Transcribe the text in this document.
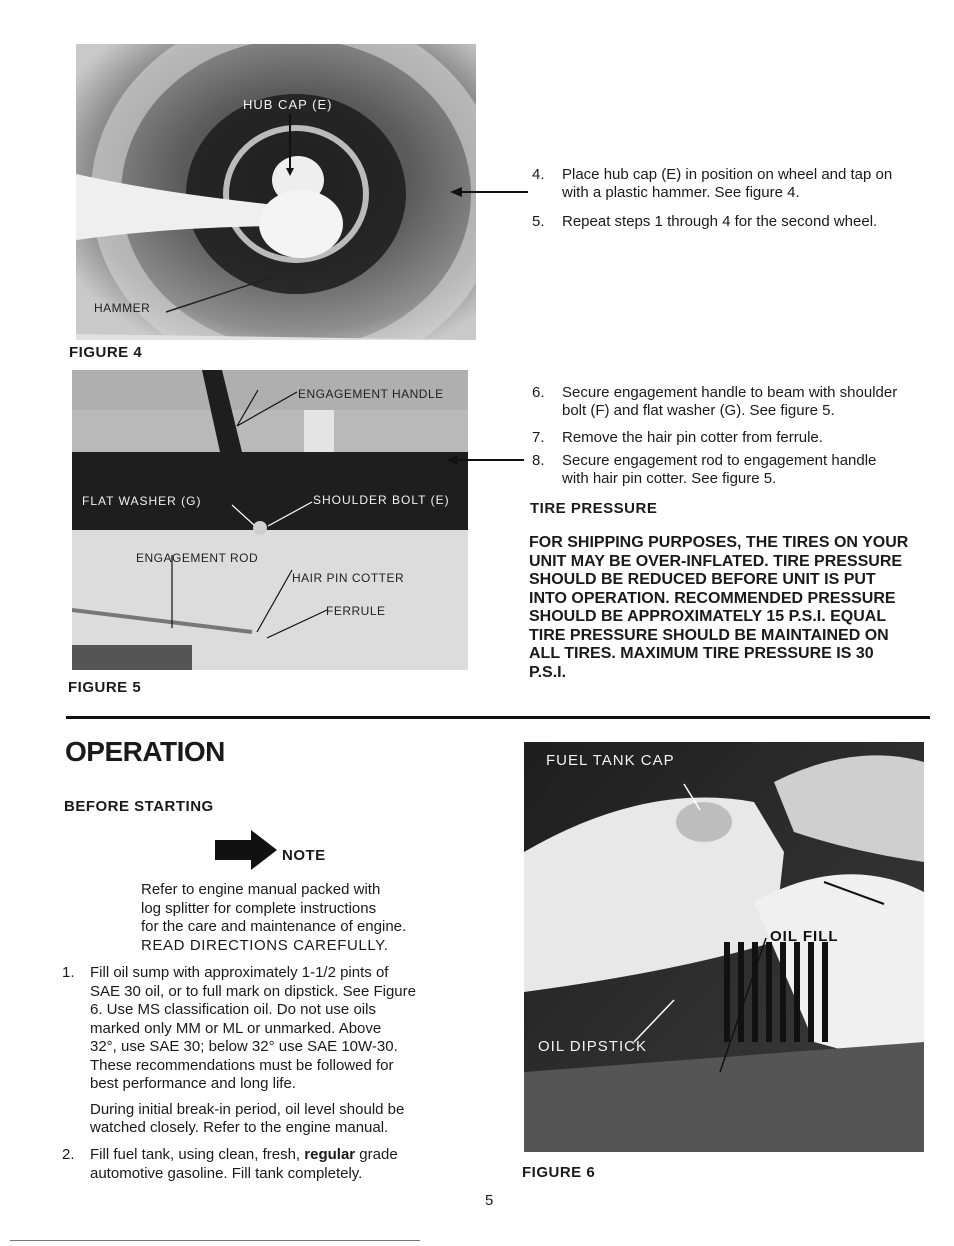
HUB CAP (E)
HAMMER
FIGURE 4
4. Place hub cap (E) in position on wheel and tap on
with a plastic hammer. See figure 4.
5. Repeat steps 1 through 4 for the second wheel.
ENGAGEMENT HANDLE
FLAT WASHER (G)	SHOULDER BOLT (E)
ENGAGEMENT ROD
HAIR PIN COTTER
FERRULE
FIGURE 5
6. Secure engagement handle to beam with shoulder
bolt (F) and flat washer (G). See figure 5.
7. Remove the hair pin cotter from ferrule.
8. Secure engagement rod to engagement handle
with hair pin cotter. See figure 5.
TIRE PRESSURE
FOR SHIPPING PURPOSES, THE TIRES ON YOUR
UNIT MAY BE OVER-INFLATED. TIRE PRESSURE
SHOULD BE REDUCED BEFORE UNIT IS PUT
INTO OPERATION. RECOMMENDED PRESSURE
SHOULD BE APPROXIMATELY 15 P.S.I. EQUAL
TIRE PRESSURE SHOULD BE MAINTAINED ON
ALL TIRES. MAXIMUM TIRE PRESSURE IS 30
P.S.I.
OPERATION
BEFORE STARTING
NOTE
Refer to engine manual packed with
log splitter for complete instructions
for the care and maintenance of engine.
READ DIRECTIONS CAREFULLY.
1. Fill oil sump with approximately 1-1/2 pints of
SAE 30 oil, or to full mark on dipstick. See Figure
6. Use MS classification oil. Do not use oils
marked only MM or ML or unmarked. Above
32°, use SAE 30; below 32° use SAE 10W-30.
These recommendations must be followed for
best performance and long life.
During initial break-in period, oil level should be
watched closely. Refer to the engine manual.
2. Fill fuel tank, using clean, fresh, regular grade
automotive gasoline. Fill tank completely.
FUEL TANK CAP
OIL FILL
OIL DIPSTICK
FIGURE 6
5
